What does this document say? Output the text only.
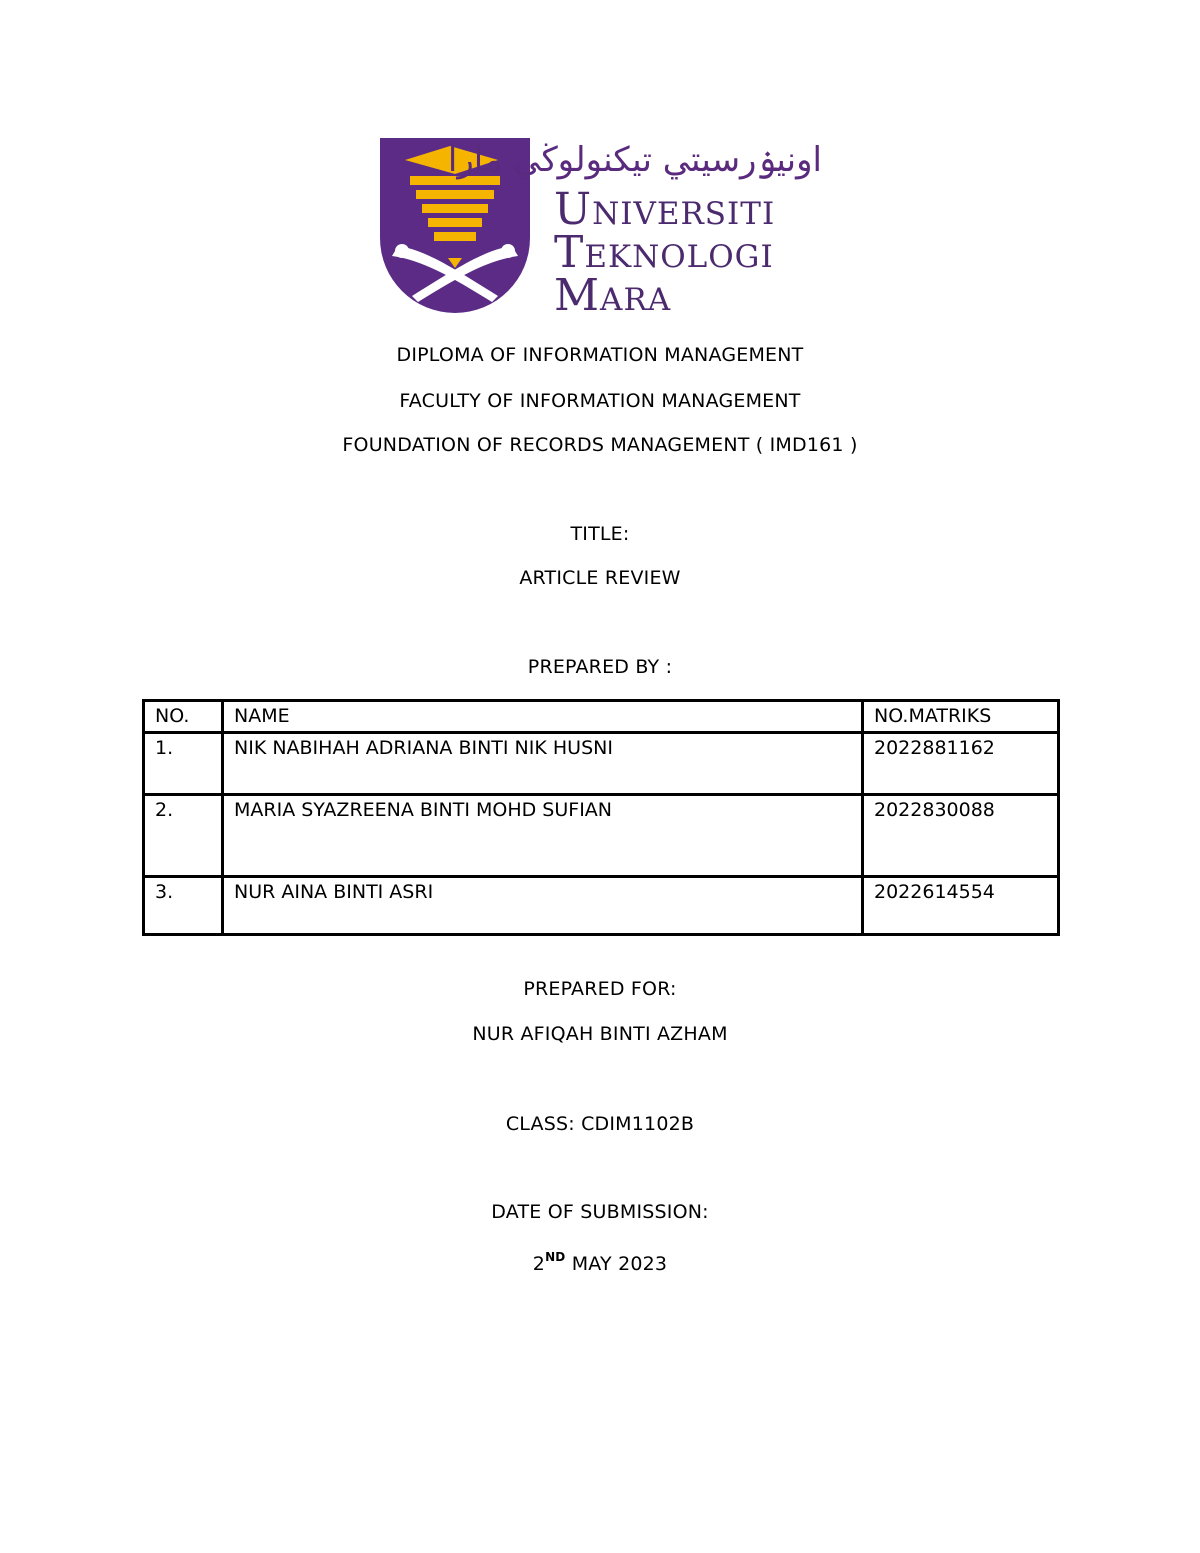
اونيۏرسيتي تيكنولوڬي مارا
Universiti
Teknologi
Mara
DIPLOMA OF INFORMATION MANAGEMENT
FACULTY OF INFORMATION MANAGEMENT
FOUNDATION OF RECORDS MANAGEMENT ( IMD161 )
TITLE:
ARTICLE REVIEW
PREPARED BY :
NO.	NAME	NO.MATRIKS
1.	NIK NABIHAH ADRIANA BINTI NIK HUSNI	2022881162
2.	MARIA SYAZREENA BINTI MOHD SUFIAN	2022830088
3.	NUR AINA BINTI ASRI	2022614554
PREPARED FOR:
NUR AFIQAH BINTI AZHAM
CLASS: CDIM1102B
DATE OF SUBMISSION:
2ND MAY 2023
